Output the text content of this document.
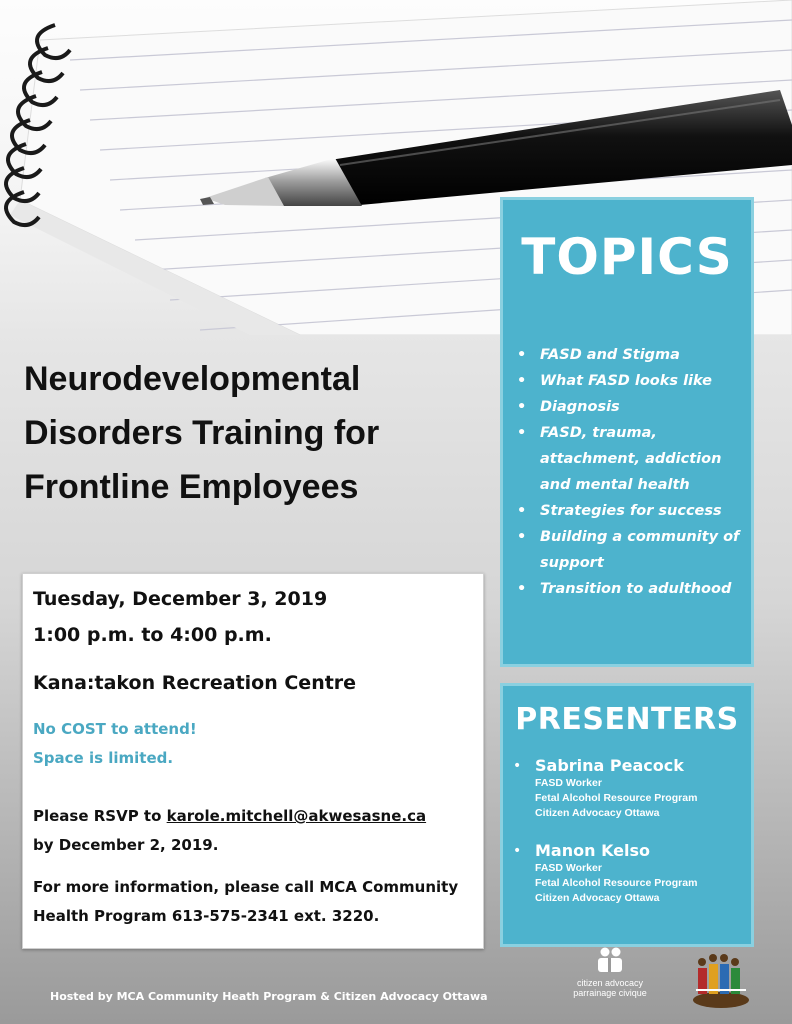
Neurodevelopmental
Disorders Training for
Frontline Employees
Tuesday, December 3, 2019
1:00 p.m. to 4:00 p.m.
Kana:takon Recreation Centre
No COST to attend!
Space is limited.
Please RSVP to karole.mitchell@akwesasne.ca
by December 2, 2019.
For more information, please call MCA Community
Health Program 613-575-2341 ext. 3220.
TOPICS
• FASD and Stigma
• What FASD looks like
• Diagnosis
• FASD, trauma, attachment, addiction and mental health
• Strategies for success
• Building a community of support
• Transition to adulthood
PRESENTERS
• Sabrina Peacock
FASD Worker
Fetal Alcohol Resource Program
Citizen Advocacy Ottawa
• Manon Kelso
FASD Worker
Fetal Alcohol Resource Program
Citizen Advocacy Ottawa
Hosted by MCA Community Heath Program & Citizen Advocacy Ottawa
citizen advocacy
parrainage civique
